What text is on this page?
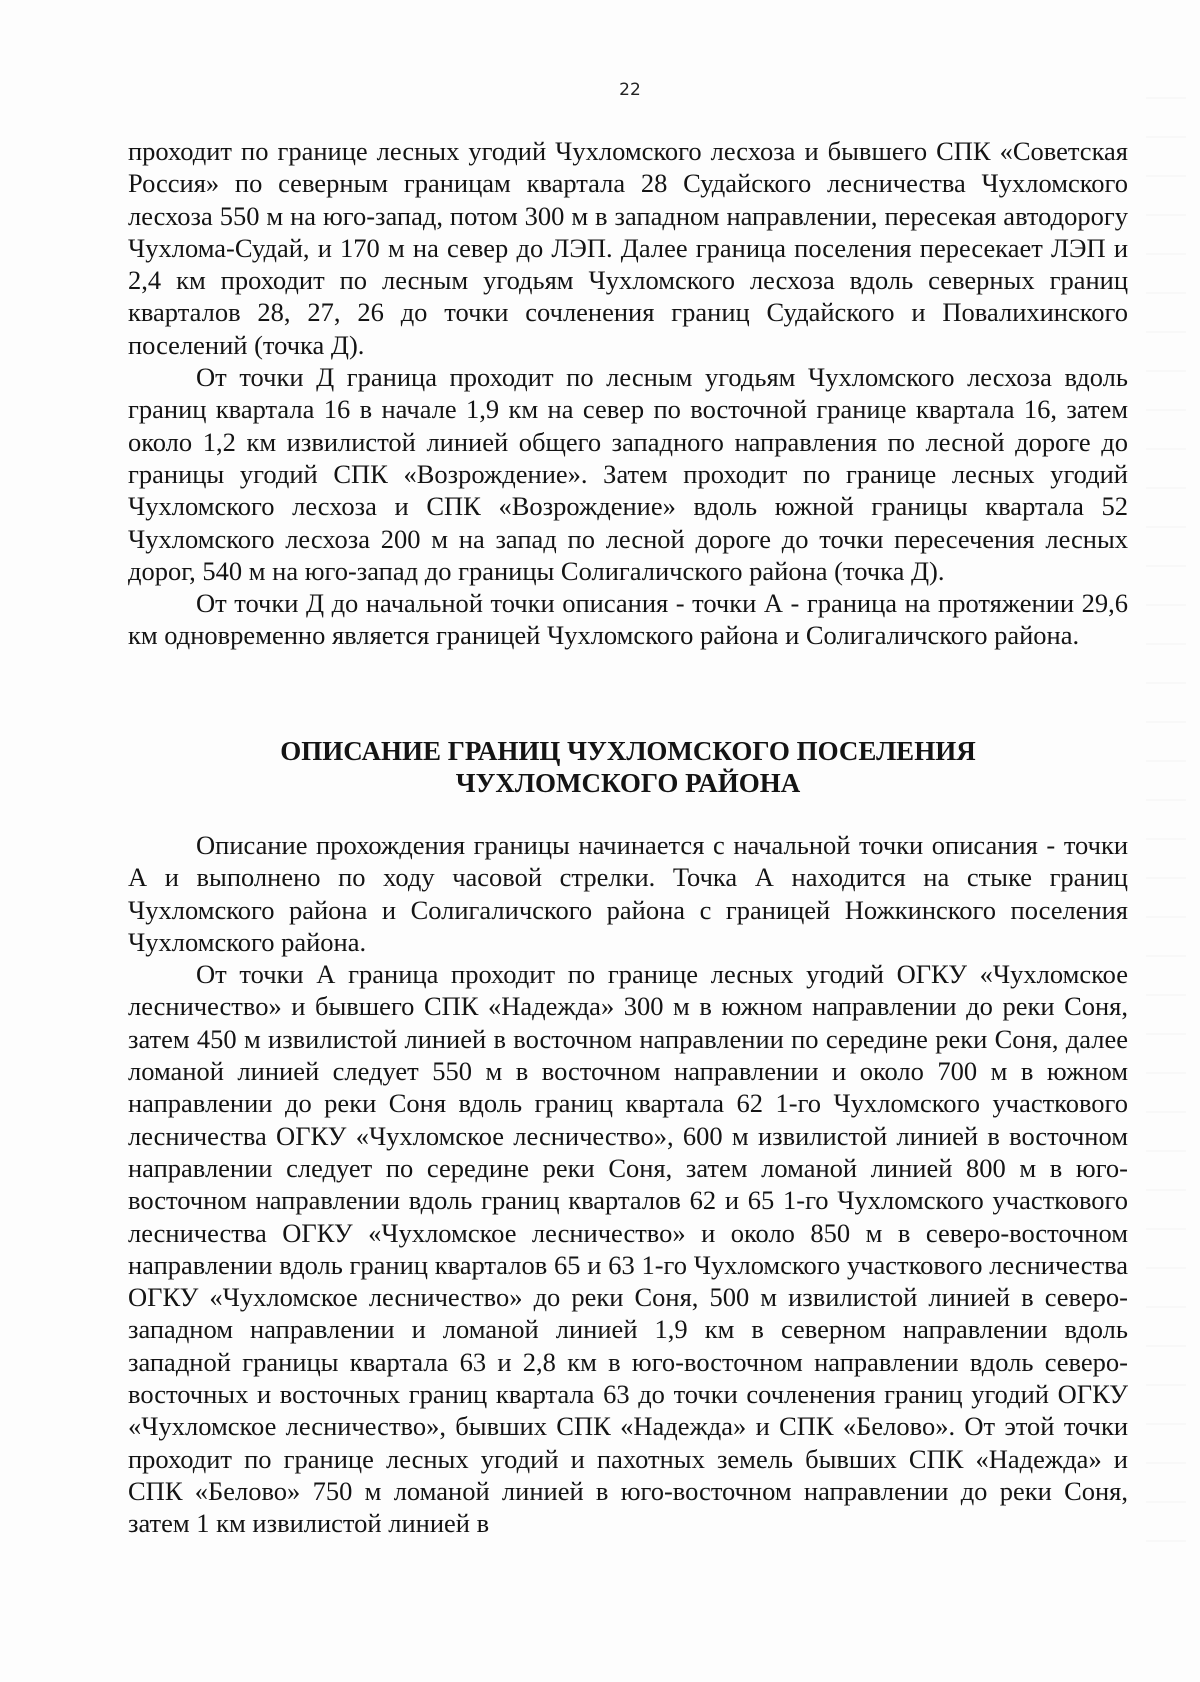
22

проходит по границе лесных угодий Чухломского лесхоза и бывшего СПК «Советская Россия» по северным границам квартала 28 Судайского лесничества Чухломского лесхоза 550 м на юго-запад, потом 300 м в западном направлении, пересекая автодорогу Чухлома-Судай, и 170 м на север до ЛЭП. Далее граница поселения пересекает ЛЭП и 2,4 км проходит по лесным угодьям Чухломского лесхоза вдоль северных границ кварталов 28, 27, 26 до точки сочленения границ Судайского и Повалихинского поселений (точка Д).

От точки Д граница проходит по лесным угодьям Чухломского лесхоза вдоль границ квартала 16 в начале 1,9 км на север по восточной границе квартала 16, затем около 1,2 км извилистой линией общего западного направления по лесной дороге до границы угодий СПК «Возрождение». Затем проходит по границе лесных угодий Чухломского лесхоза и СПК «Возрождение» вдоль южной границы квартала 52 Чухломского лесхоза 200 м на запад по лесной дороге до точки пересечения лесных дорог, 540 м на юго-запад до границы Солигаличского района (точка Д).

От точки Д до начальной точки описания - точки А - граница на протяжении 29,6 км одновременно является границей Чухломского района и Солигаличского района.

ОПИСАНИЕ ГРАНИЦ ЧУХЛОМСКОГО ПОСЕЛЕНИЯ
ЧУХЛОМСКОГО РАЙОНА

Описание прохождения границы начинается с начальной точки описания - точки А и выполнено по ходу часовой стрелки. Точка А находится на стыке границ Чухломского района и Солигаличского района с границей Ножкинского поселения Чухломского района.

От точки А граница проходит по границе лесных угодий ОГКУ «Чухломское лесничество» и бывшего СПК «Надежда» 300 м в южном направлении до реки Соня, затем 450 м извилистой линией в восточном направлении по середине реки Соня, далее ломаной линией следует 550 м в восточном направлении и около 700 м в южном направлении до реки Соня вдоль границ квартала 62 1-го Чухломского участкового лесничества ОГКУ «Чухломское лесничество», 600 м извилистой линией в восточном направлении следует по середине реки Соня, затем ломаной линией 800 м в юго-восточном направлении вдоль границ кварталов 62 и 65 1-го Чухломского участкового лесничества ОГКУ «Чухломское лесничество» и около 850 м в северо-восточном направлении вдоль границ кварталов 65 и 63 1-го Чухломского участкового лесничества ОГКУ «Чухломское лесничество» до реки Соня, 500 м извилистой линией в северо-западном направлении и ломаной линией 1,9 км в северном направлении вдоль западной границы квартала 63 и 2,8 км в юго-восточном направлении вдоль северо-восточных и восточных границ квартала 63 до точки сочленения границ угодий ОГКУ «Чухломское лесничество», бывших СПК «Надежда» и СПК «Белово». От этой точки проходит по границе лесных угодий и пахотных земель бывших СПК «Надежда» и СПК «Белово» 750 м ломаной линией в юго-восточном направлении до реки Соня, затем 1 км извилистой линией в
